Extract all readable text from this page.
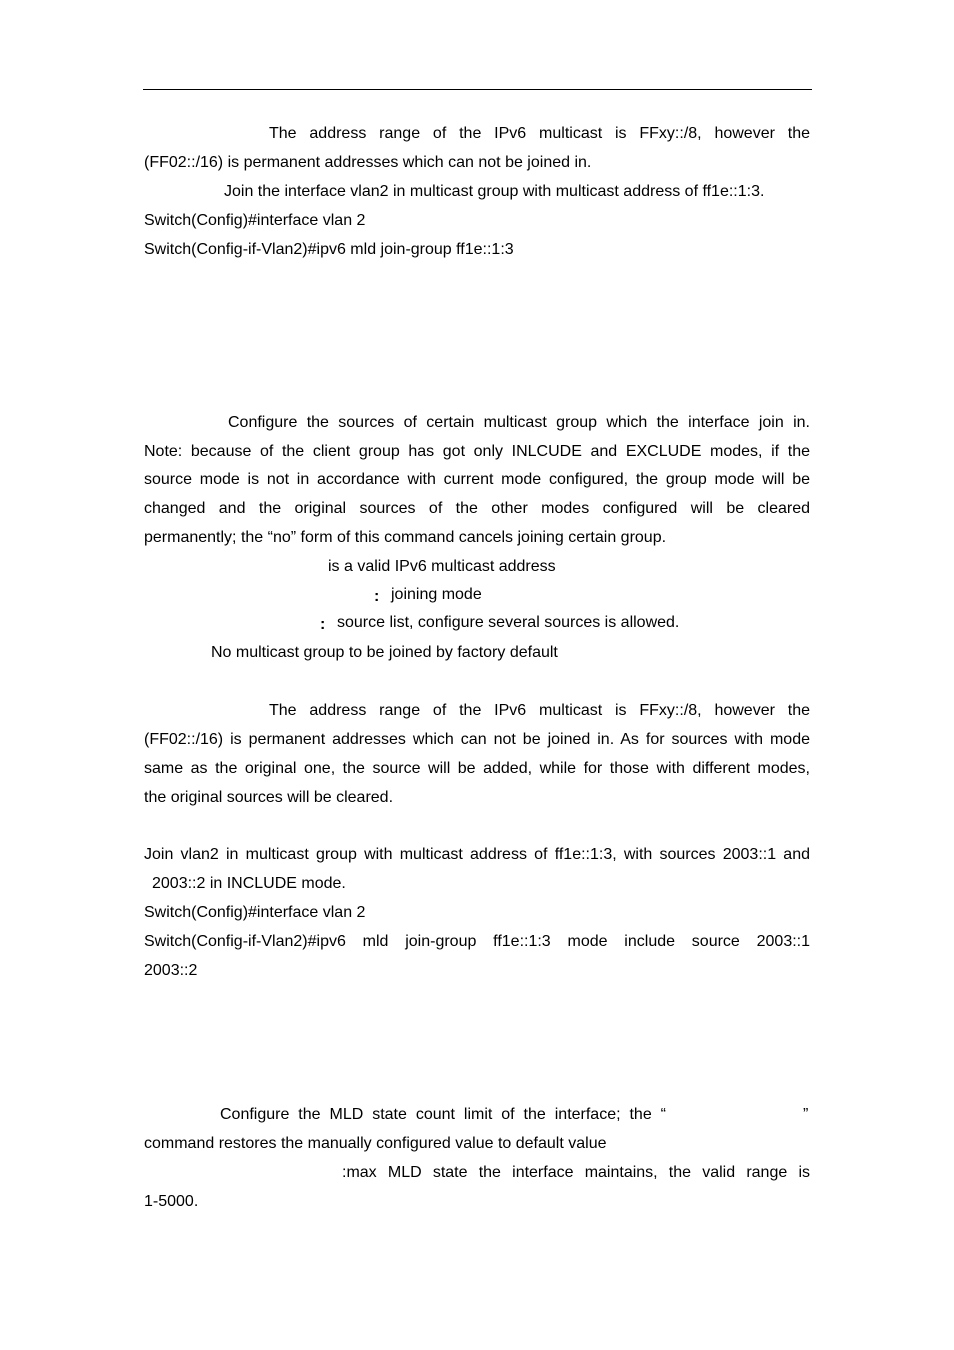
The address range of the IPv6 multicast is FFxy::/8, however the
(FF02::/16) is permanent addresses which can not be joined in.
Join the interface vlan2 in multicast group with multicast address of ff1e::1:3.
Switch(Config)#interface vlan 2
Switch(Config-if-Vlan2)#ipv6 mld join-group ff1e::1:3
Configure the sources of certain multicast group which the interface join in.
Note: because of the client group has got only INLCUDE and EXCLUDE modes, if the
source mode is not in accordance with current mode configured, the group mode will be
changed and the original sources of the other modes configured will be cleared
permanently; the “no” form of this command cancels joining certain group.
is a valid IPv6 multicast address
: joining mode
: source list, configure several sources is allowed.
No multicast group to be joined by factory default
The address range of the IPv6 multicast is FFxy::/8, however the
(FF02::/16) is permanent addresses which can not be joined in. As for sources with mode
same as the original one, the source will be added, while for those with different modes,
the original sources will be cleared.
Join vlan2 in multicast group with multicast address of ff1e::1:3, with sources 2003::1 and
2003::2 in INCLUDE mode.
Switch(Config)#interface vlan 2
Switch(Config-if-Vlan2)#ipv6 mld join-group ff1e::1:3 mode include source 2003::1
2003::2
Configure the MLD state count limit of the interface; the “	”
command restores the manually configured value to default value
:max MLD state the interface maintains, the valid range is
1-5000.
